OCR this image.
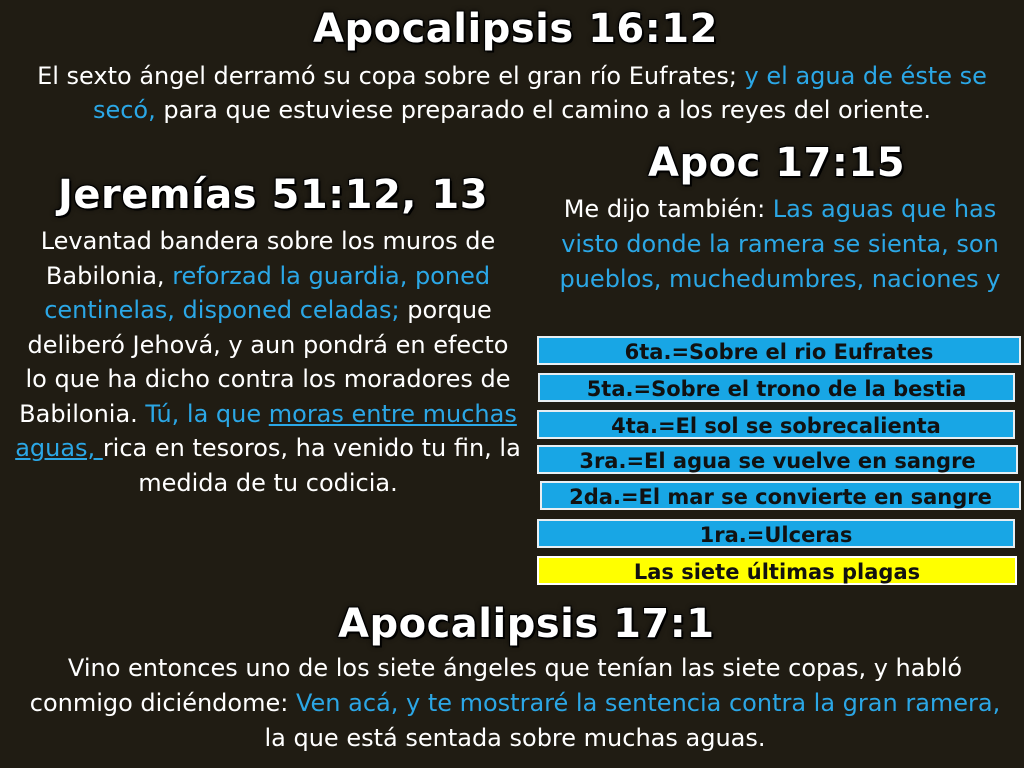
Apocalipsis 16:12
El sexto ángel derramó su copa sobre el gran río Eufrates; y el agua de éste se secó, para que estuviese preparado el camino a los reyes del oriente.
Apoc 17:15
Me dijo también: Las aguas que has visto donde la ramera se sienta, son pueblos, muchedumbres, naciones y
Jeremías 51:12, 13
Levantad bandera sobre los muros de Babilonia, reforzad la guardia, poned centinelas, disponed celadas; porque deliberó Jehová, y aun pondrá en efecto lo que ha dicho contra los moradores de Babilonia. Tú, la que moras entre muchas aguas, rica en tesoros, ha venido tu fin, la medida de tu codicia.
6ta.=Sobre el rio Eufrates
5ta.=Sobre el trono de la bestia
4ta.=El sol se sobrecalienta
3ra.=El agua se vuelve en sangre
2da.=El mar se convierte en sangre
1ra.=Ulceras
Las siete últimas plagas
Apocalipsis 17:1
Vino entonces uno de los siete ángeles que tenían las siete copas, y habló conmigo diciéndome: Ven acá, y te mostraré la sentencia contra la gran ramera, la que está sentada sobre muchas aguas.
